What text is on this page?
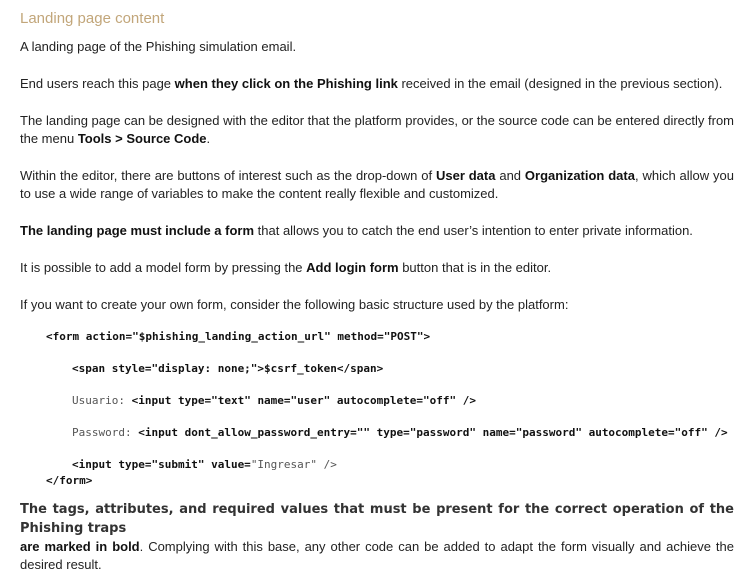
Landing page content

A landing page of the Phishing simulation email.

End users reach this page when they click on the Phishing link received in the email (designed in the previous section).

The landing page can be designed with the editor that the platform provides, or the source code can be entered directly from the menu Tools > Source Code.

Within the editor, there are buttons of interest such as the drop-down of User data and Organization data, which allow you to use a wide range of variables to make the content really flexible and customized.

The landing page must include a form that allows you to catch the end user’s intention to enter private information.

It is possible to add a model form by pressing the Add login form button that is in the editor.

If you want to create your own form, consider the following basic structure used by the platform:

<form action="$phishing_landing_action_url" method="POST">
<span style="display: none;">$csrf_token</span>
Usuario: <input type="text" name="user" autocomplete="off" />
Password: <input dont_allow_password_entry="" type="password" name="password" autocomplete="off" />
<input type="submit" value="Ingresar" />
</form>
The tags, attributes, and required values that must be present for the correct operation of the Phishing traps
are marked in bold. Complying with this base, any other code can be added to adapt the form visually and achieve the desired result.
